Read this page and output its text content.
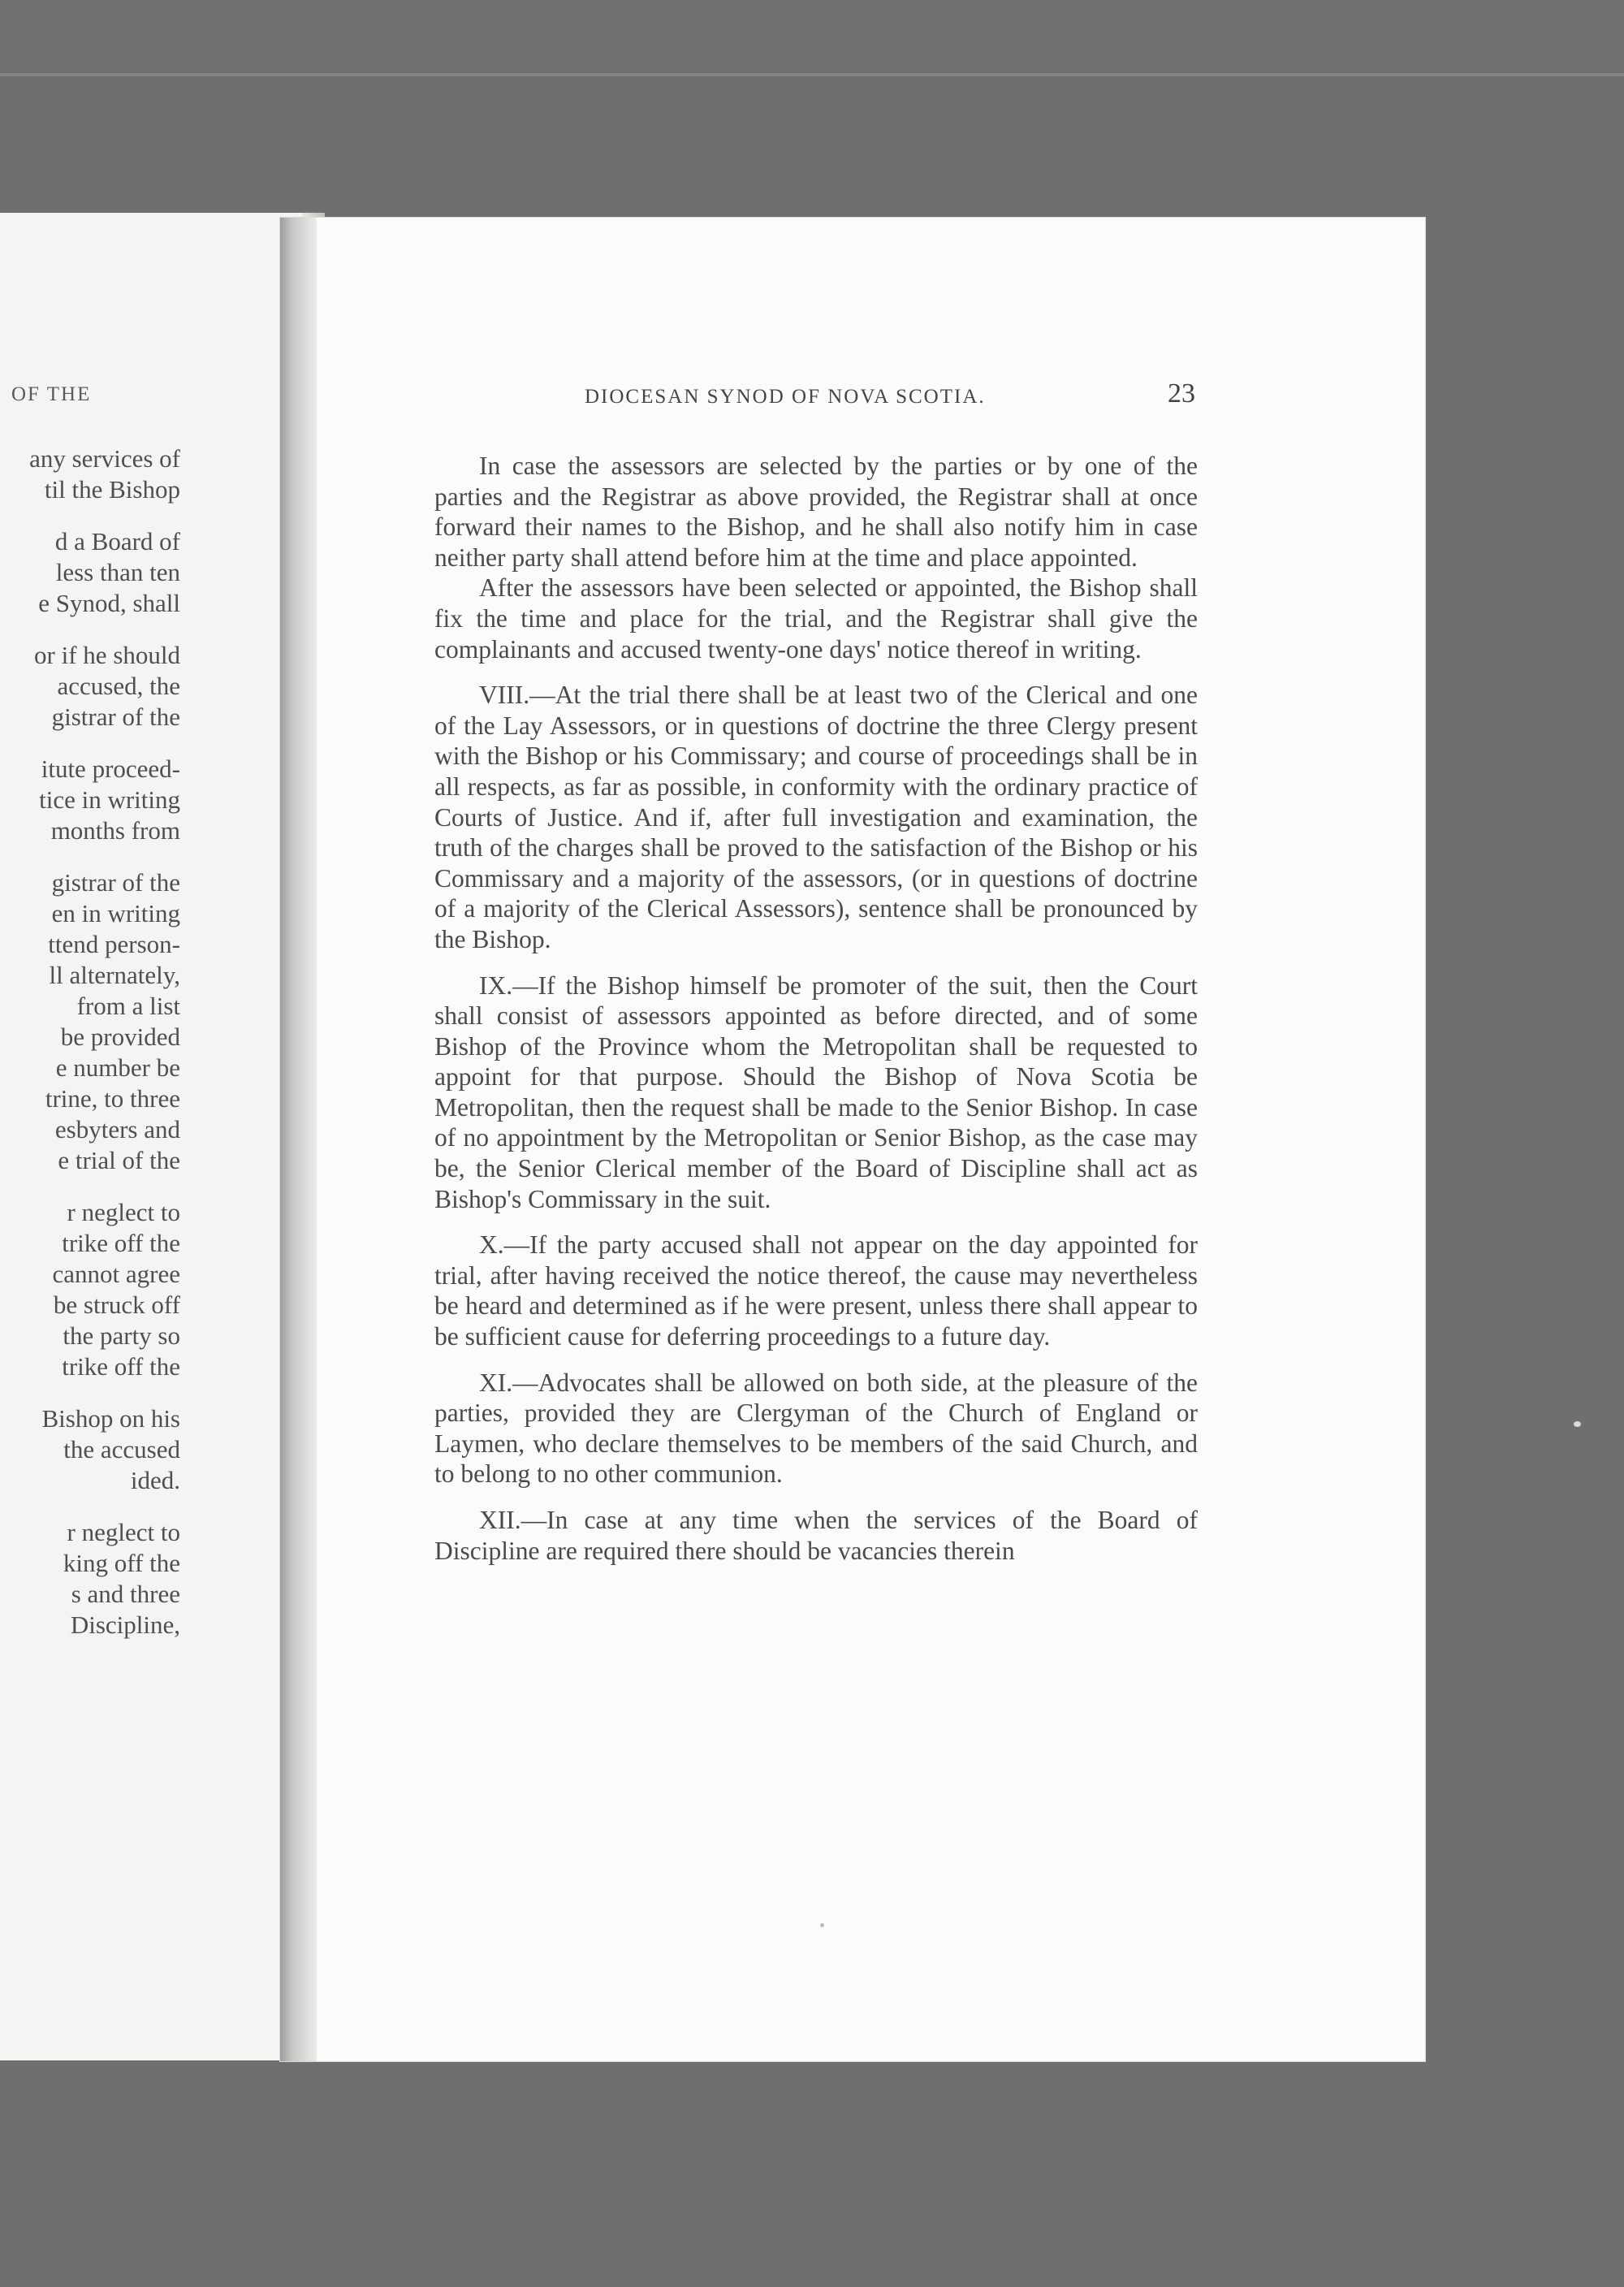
OF THE
any services of
til the Bishop
d a Board of
less than ten
e Synod, shall
or if he should
accused, the
gistrar of the
itute proceed-
tice in writing
months from
gistrar of the
en in writing
ttend person-
ll alternately,
from a list
be provided
e number be
trine, to three
esbyters and
e trial of the
r neglect to
trike off the
cannot agree
be struck off
the party so
trike off the
Bishop on his
the accused
ided.
r neglect to
king off the
s and three
Discipline,
DIOCESAN SYNOD OF NOVA SCOTIA.	23

In case the assessors are selected by the parties or by one of the parties and the Registrar as above provided, the Registrar shall at once forward their names to the Bishop, and he shall also notify him in case neither party shall attend before him at the time and place appointed.

After the assessors have been selected or appointed, the Bishop shall fix the time and place for the trial, and the Registrar shall give the complainants and accused twenty-one days' notice thereof in writing.

VIII.—At the trial there shall be at least two of the Clerical and one of the Lay Assessors, or in questions of doctrine the three Clergy present with the Bishop or his Commissary; and course of proceedings shall be in all respects, as far as possible, in conformity with the ordinary practice of Courts of Justice. And if, after full investigation and examination, the truth of the charges shall be proved to the satisfaction of the Bishop or his Commissary and a majority of the assessors, (or in questions of doctrine of a majority of the Clerical Assessors), sentence shall be pronounced by the Bishop.

IX.—If the Bishop himself be promoter of the suit, then the Court shall consist of assessors appointed as before directed, and of some Bishop of the Province whom the Metropolitan shall be requested to appoint for that purpose. Should the Bishop of Nova Scotia be Metropolitan, then the request shall be made to the Senior Bishop. In case of no appointment by the Metropolitan or Senior Bishop, as the case may be, the Senior Clerical member of the Board of Discipline shall act as Bishop's Commissary in the suit.

X.—If the party accused shall not appear on the day appointed for trial, after having received the notice thereof, the cause may nevertheless be heard and determined as if he were present, unless there shall appear to be sufficient cause for deferring proceedings to a future day.

XI.—Advocates shall be allowed on both side, at the pleasure of the parties, provided they are Clergyman of the Church of England or Laymen, who declare themselves to be members of the said Church, and to belong to no other communion.

XII.—In case at any time when the services of the Board of Discipline are required there should be vacancies therein
